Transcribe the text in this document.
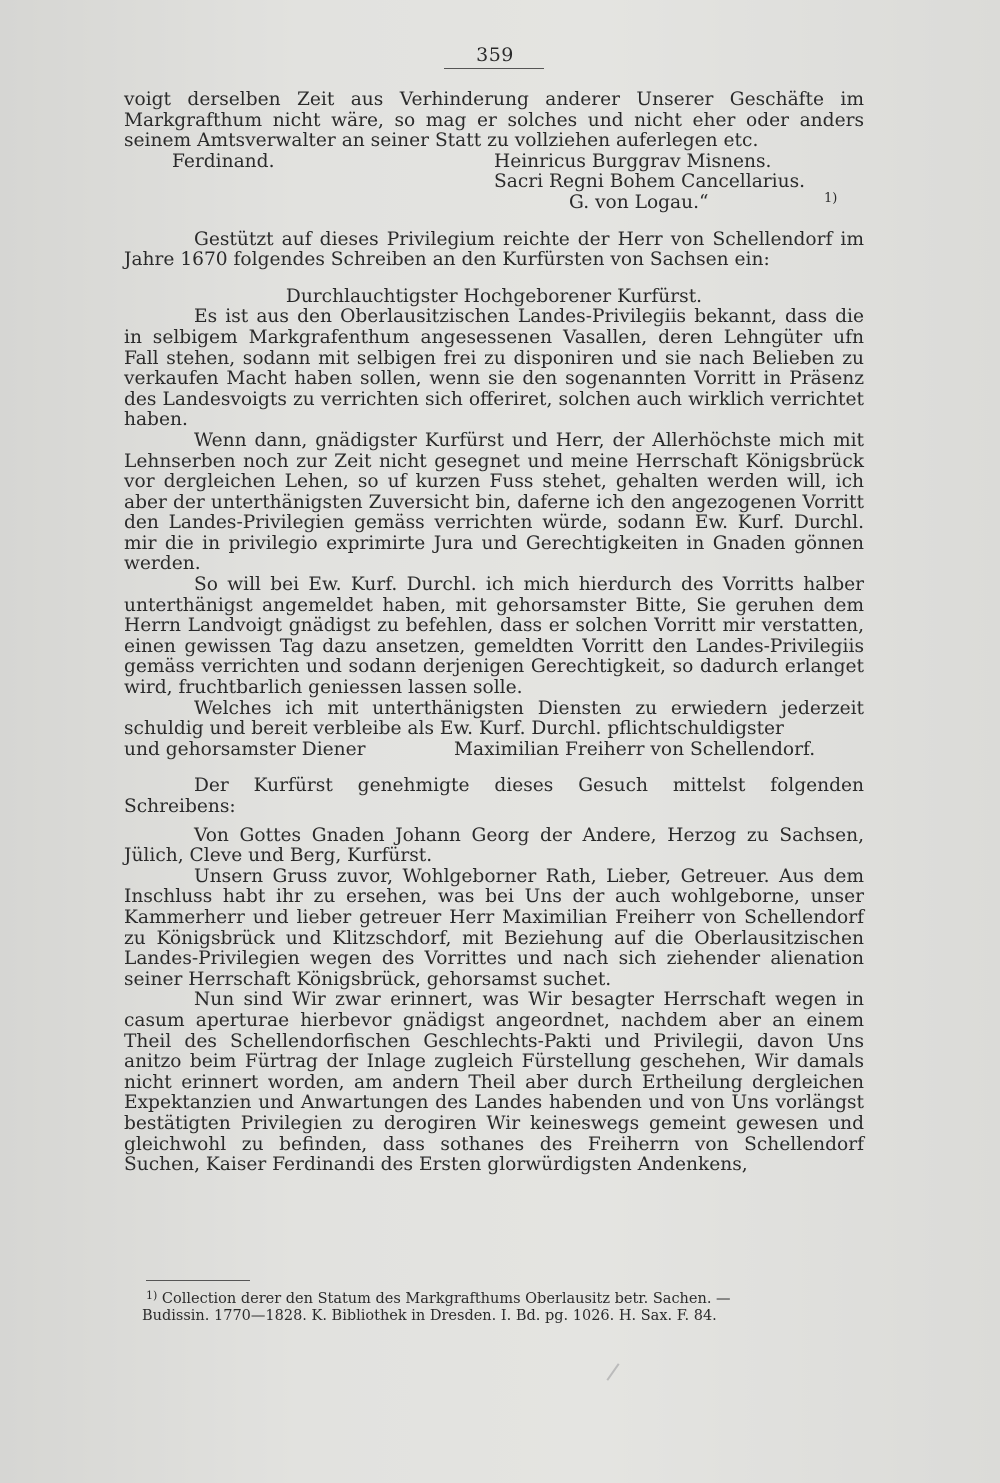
359

voigt derselben Zeit aus Verhinderung anderer Unserer Geschäfte im Markgrafthum nicht wäre, so mag er solches und nicht eher oder anders seinem Amtsverwalter an seiner Statt zu vollziehen auferlegen etc.

Ferdinand.	Heinricus Burggrav Misnens.
Sacri Regni Bohem Cancellarius.
G. von Logau.“	1)

Gestützt auf dieses Privilegium reichte der Herr von Schellendorf im Jahre 1670 folgendes Schreiben an den Kurfürsten von Sachsen ein:

Durchlauchtigster Hochgeborener Kurfürst.

Es ist aus den Oberlausitzischen Landes-Privilegiis bekannt, dass die in selbigem Markgrafenthum angesessenen Vasallen, deren Lehngüter ufn Fall stehen, sodann mit selbigen frei zu disponiren und sie nach Belieben zu verkaufen Macht haben sollen, wenn sie den sogenannten Vorritt in Präsenz des Landesvoigts zu verrichten sich offeriret, solchen auch wirklich verrichtet haben.

Wenn dann, gnädigster Kurfürst und Herr, der Allerhöchste mich mit Lehnserben noch zur Zeit nicht gesegnet und meine Herrschaft Königsbrück vor dergleichen Lehen, so uf kurzen Fuss stehet, gehalten werden will, ich aber der unterthänigsten Zuversicht bin, daferne ich den angezogenen Vorritt den Landes-Privilegien gemäss verrichten würde, sodann Ew. Kurf. Durchl. mir die in privilegio exprimirte Jura und Gerechtigkeiten in Gnaden gönnen werden.

So will bei Ew. Kurf. Durchl. ich mich hierdurch des Vorritts halber unterthänigst angemeldet haben, mit gehorsamster Bitte, Sie geruhen dem Herrn Landvoigt gnädigst zu befehlen, dass er solchen Vorritt mir verstatten, einen gewissen Tag dazu ansetzen, gemeldten Vorritt den Landes-Privilegiis gemäss verrichten und sodann derjenigen Gerechtigkeit, so dadurch erlanget wird, fruchtbarlich geniessen lassen solle.

Welches ich mit unterthänigsten Diensten zu erwiedern jederzeit schuldig und bereit verbleibe als Ew. Kurf. Durchl. pflichtschuldigster

und gehorsamster Diener	Maximilian Freiherr von Schellendorf.

Der Kurfürst genehmigte dieses Gesuch mittelst folgenden Schreibens:

Von Gottes Gnaden Johann Georg der Andere, Herzog zu Sachsen, Jülich, Cleve und Berg, Kurfürst.

Unsern Gruss zuvor, Wohlgeborner Rath, Lieber, Getreuer. Aus dem Inschluss habt ihr zu ersehen, was bei Uns der auch wohlgeborne, unser Kammerherr und lieber getreuer Herr Maximilian Freiherr von Schellendorf zu Königsbrück und Klitzschdorf, mit Beziehung auf die Oberlausitzischen Landes-Privilegien wegen des Vorrittes und nach sich ziehender alienation seiner Herrschaft Königsbrück, gehorsamst suchet.

Nun sind Wir zwar erinnert, was Wir besagter Herrschaft wegen in casum aperturae hierbevor gnädigst angeordnet, nachdem aber an einem Theil des Schellendorfischen Geschlechts-Pakti und Privilegii, davon Uns anitzo beim Fürtrag der Inlage zugleich Fürstellung geschehen, Wir damals nicht erinnert worden, am andern Theil aber durch Ertheilung dergleichen Expektanzien und Anwartungen des Landes habenden und von Uns vorlängst bestätigten Privilegien zu derogiren Wir keineswegs gemeint gewesen und gleichwohl zu befinden, dass sothanes des Freiherrn von Schellendorf Suchen, Kaiser Ferdinandi des Ersten glorwürdigsten Andenkens,

$^{1)}$ Collection derer den Statum des Markgrafthums Oberlausitz betr. Sachen. —
Budissin. 1770—1828. K. Bibliothek in Dresden. I. Bd. pg. 1026. H. Sax. F. 84.
